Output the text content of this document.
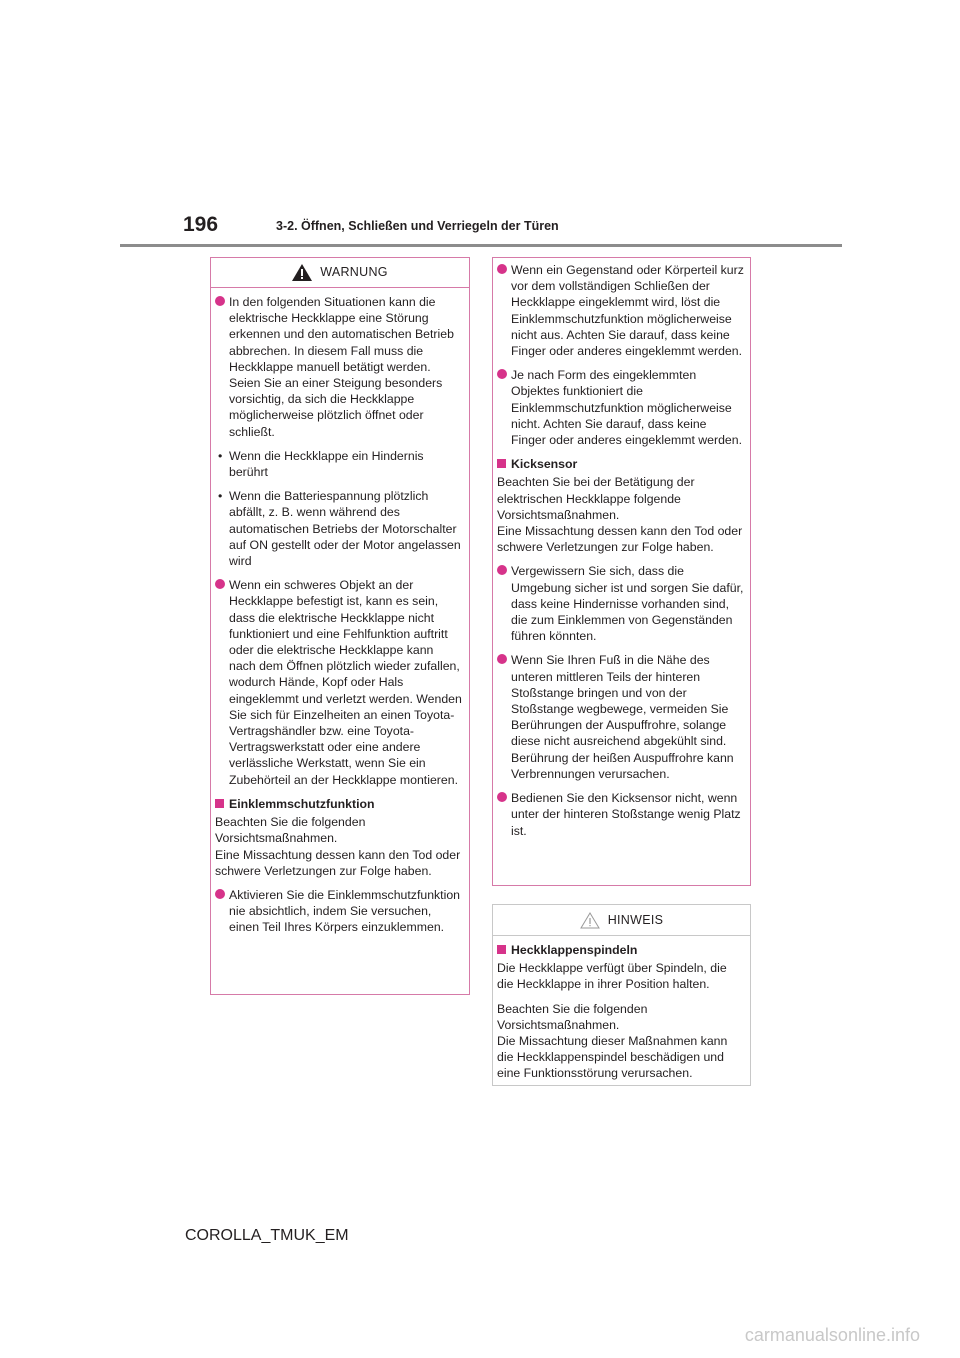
196	3-2. Öffnen, Schließen und Verriegeln der Türen
WARNUNG
In den folgenden Situationen kann die elektrische Heckklappe eine Störung erkennen und den automatischen Betrieb abbrechen. In diesem Fall muss die Heckklappe manuell betätigt werden. Seien Sie an einer Steigung besonders vorsichtig, da sich die Heckklappe möglicherweise plötzlich öffnet oder schließt.
• Wenn die Heckklappe ein Hindernis berührt
• Wenn die Batteriespannung plötzlich abfällt, z. B. wenn während des automatischen Betriebs der Motorschalter auf ON gestellt oder der Motor angelassen wird
Wenn ein schweres Objekt an der Heckklappe befestigt ist, kann es sein, dass die elektrische Heckklappe nicht funktioniert und eine Fehlfunktion auftritt oder die elektrische Heckklappe kann nach dem Öffnen plötzlich wieder zufallen, wodurch Hände, Kopf oder Hals eingeklemmt und verletzt werden. Wenden Sie sich für Einzelheiten an einen Toyota-Vertragshändler bzw. eine Toyota-Vertragswerkstatt oder eine andere verlässliche Werkstatt, wenn Sie ein Zubehörteil an der Heckklappe montieren.
Einklemmschutzfunktion
Beachten Sie die folgenden Vorsichtsmaßnahmen.
Eine Missachtung dessen kann den Tod oder schwere Verletzungen zur Folge haben.
Aktivieren Sie die Einklemmschutzfunktion nie absichtlich, indem Sie versuchen, einen Teil Ihres Körpers einzuklemmen.
Wenn ein Gegenstand oder Körperteil kurz vor dem vollständigen Schließen der Heckklappe eingeklemmt wird, löst die Einklemmschutzfunktion möglicherweise nicht aus. Achten Sie darauf, dass keine Finger oder anderes eingeklemmt werden.
Je nach Form des eingeklemmten Objektes funktioniert die Einklemmschutzfunktion möglicherweise nicht. Achten Sie darauf, dass keine Finger oder anderes eingeklemmt werden.
Kicksensor
Beachten Sie bei der Betätigung der elektrischen Heckklappe folgende Vorsichtsmaßnahmen.
Eine Missachtung dessen kann den Tod oder schwere Verletzungen zur Folge haben.
Vergewissern Sie sich, dass die Umgebung sicher ist und sorgen Sie dafür, dass keine Hindernisse vorhanden sind, die zum Einklemmen von Gegenständen führen könnten.
Wenn Sie Ihren Fuß in die Nähe des unteren mittleren Teils der hinteren Stoßstange bringen und von der Stoßstange wegbewege, vermeiden Sie Berührungen der Auspuffrohre, solange diese nicht ausreichend abgekühlt sind. Berührung der heißen Auspuffrohre kann Verbrennungen verursachen.
Bedienen Sie den Kicksensor nicht, wenn unter der hinteren Stoßstange wenig Platz ist.
HINWEIS
Heckklappenspindeln
Die Heckklappe verfügt über Spindeln, die die Heckklappe in ihrer Position halten.
Beachten Sie die folgenden Vorsichtsmaßnahmen.
Die Missachtung dieser Maßnahmen kann die Heckklappenspindel beschädigen und eine Funktionsstörung verursachen.
COROLLA_TMUK_EM
carmanualsonline.info
